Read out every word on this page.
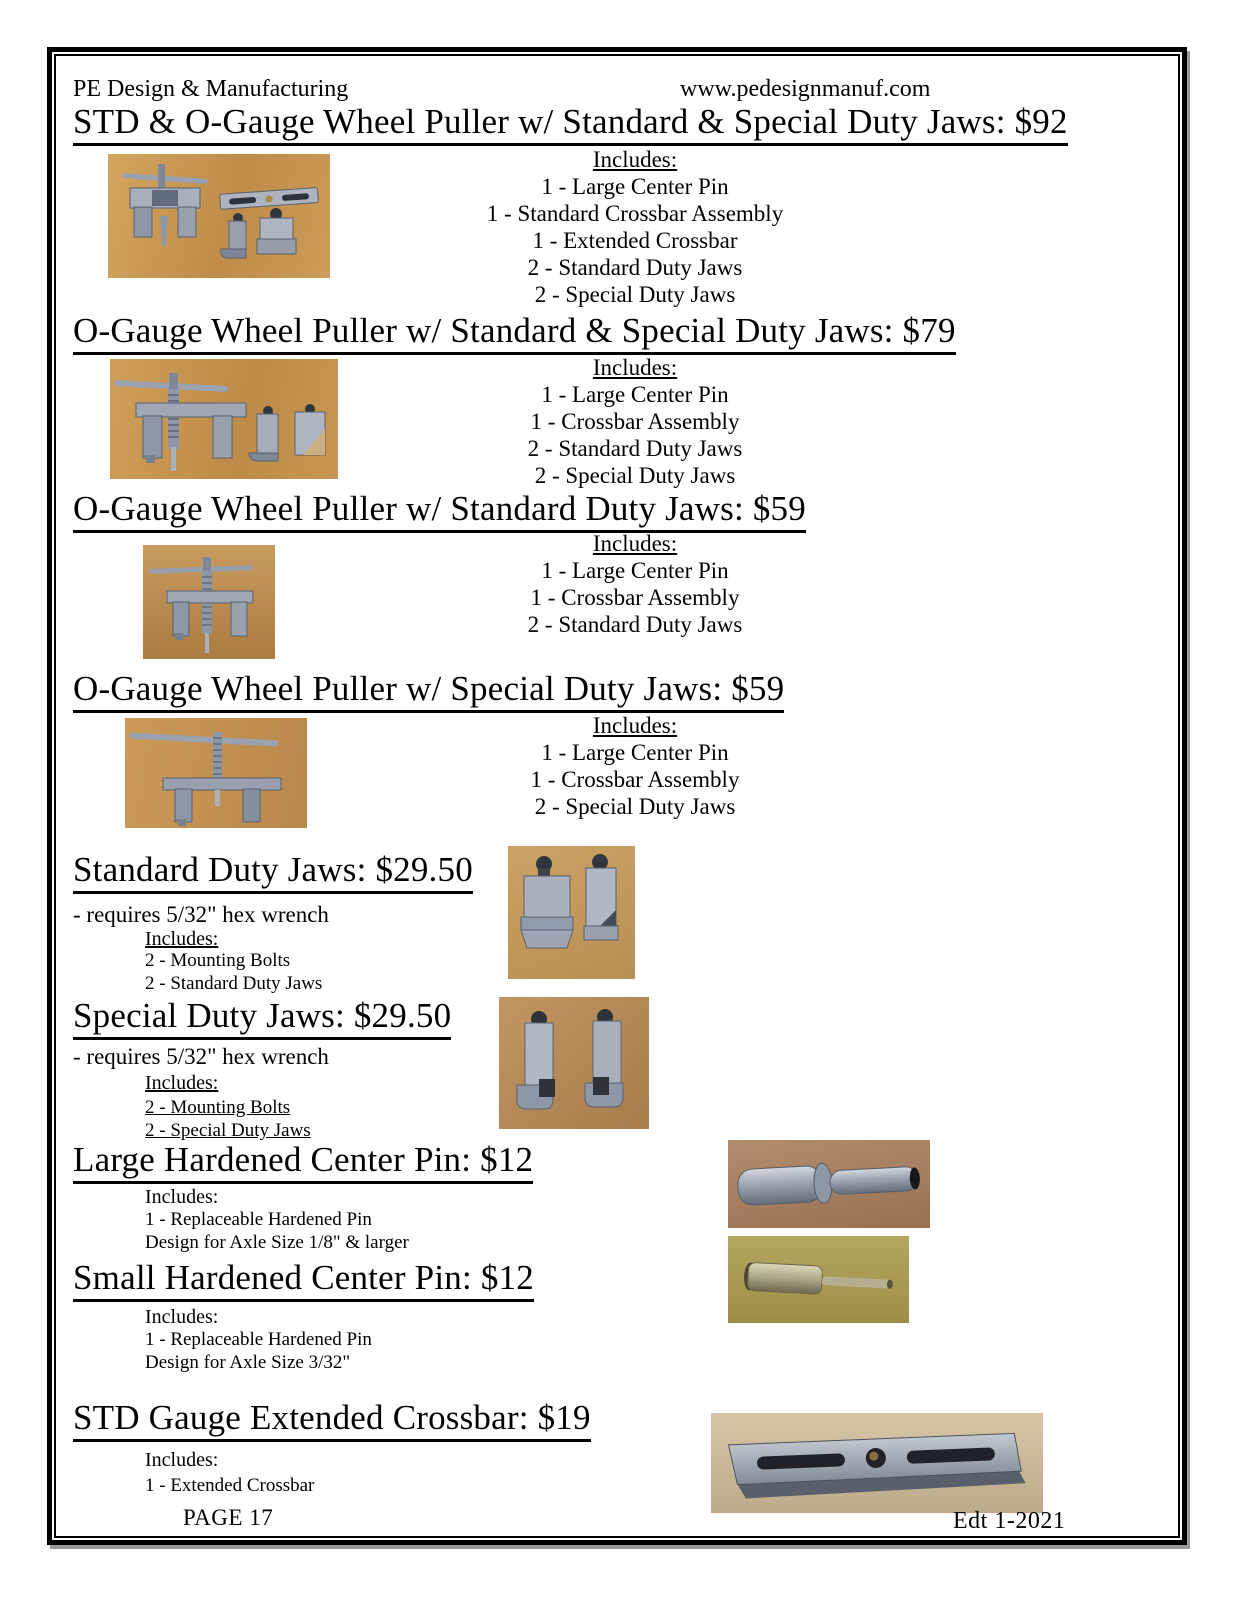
PE Design & Manufacturing	www.pedesignmanuf.com
STD & O-Gauge Wheel Puller w/ Standard & Special Duty Jaws: $92
Includes:
1 - Large Center Pin
1 - Standard Crossbar Assembly
1 - Extended Crossbar
2 - Standard Duty Jaws
2 - Special Duty Jaws
O-Gauge Wheel Puller w/ Standard & Special Duty Jaws: $79
Includes:
1 - Large Center Pin
1 - Crossbar Assembly
2 - Standard Duty Jaws
2 - Special Duty Jaws
O-Gauge Wheel Puller w/ Standard Duty Jaws: $59
Includes:
1 - Large Center Pin
1 - Crossbar Assembly
2 - Standard Duty Jaws
O-Gauge Wheel Puller w/ Special Duty Jaws: $59
Includes:
1 - Large Center Pin
1 - Crossbar Assembly
2 - Special Duty Jaws
Standard Duty Jaws: $29.50
- requires 5/32" hex wrench
Includes:
2 - Mounting Bolts
2 - Standard Duty Jaws
Special Duty Jaws: $29.50
- requires 5/32" hex wrench
Includes:
2 - Mounting Bolts
2 - Special Duty Jaws
Large Hardened Center Pin: $12
Includes:
1 - Replaceable Hardened Pin
Design for Axle Size 1/8" & larger
Small Hardened Center Pin: $12
Includes:
1 - Replaceable Hardened Pin
Design for Axle Size 3/32"
STD Gauge Extended Crossbar: $19
Includes:
1 - Extended Crossbar
PAGE 17	Edt 1-2021
